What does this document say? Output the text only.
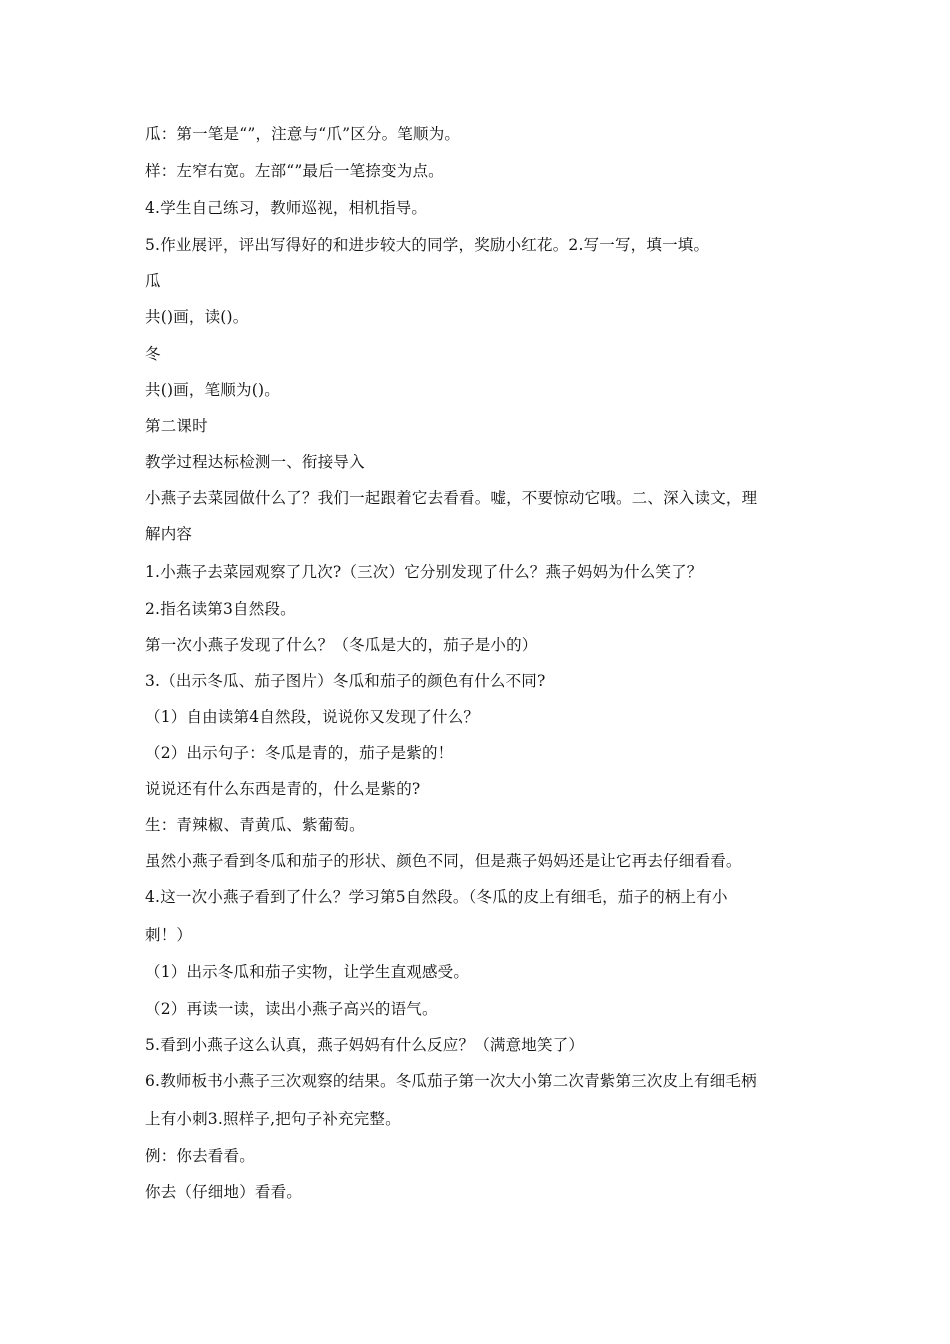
瓜：第一笔是“”，注意与“爪”区分。笔顺为。
样：左窄右宽。左部“”最后一笔捺变为点。
4.学生自己练习，教师巡视，相机指导。
5.作业展评，评出写得好的和进步较大的同学，奖励小红花。2.写一写，填一填。
瓜
共()画，读()。
冬
共()画，笔顺为()。
第二课时
教学过程达标检测一、衔接导入
小燕子去菜园做什么了？我们一起跟着它去看看。嘘，不要惊动它哦。二、深入读文，理
解内容
1.小燕子去菜园观察了几次?（三次）它分别发现了什么？燕子妈妈为什么笑了？
2.指名读第3自然段。
第一次小燕子发现了什么？（冬瓜是大的，茄子是小的）
3.（出示冬瓜、茄子图片）冬瓜和茄子的颜色有什么不同?
（1）自由读第4自然段，说说你又发现了什么？
（2）出示句子：冬瓜是青的，茄子是紫的！
说说还有什么东西是青的，什么是紫的?
生：青辣椒、青黄瓜、紫葡萄。
虽然小燕子看到冬瓜和茄子的形状、颜色不同，但是燕子妈妈还是让它再去仔细看看。
4.这一次小燕子看到了什么？学习第5自然段。（冬瓜的皮上有细毛，茄子的柄上有小
刺！）
（1）出示冬瓜和茄子实物，让学生直观感受。
（2）再读一读，读出小燕子高兴的语气。
5.看到小燕子这么认真，燕子妈妈有什么反应？（满意地笑了）
6.教师板书小燕子三次观察的结果。冬瓜茄子第一次大小第二次青紫第三次皮上有细毛柄
上有小刺3.照样子,把句子补充完整。
例：你去看看。
你去（仔细地）看看。
